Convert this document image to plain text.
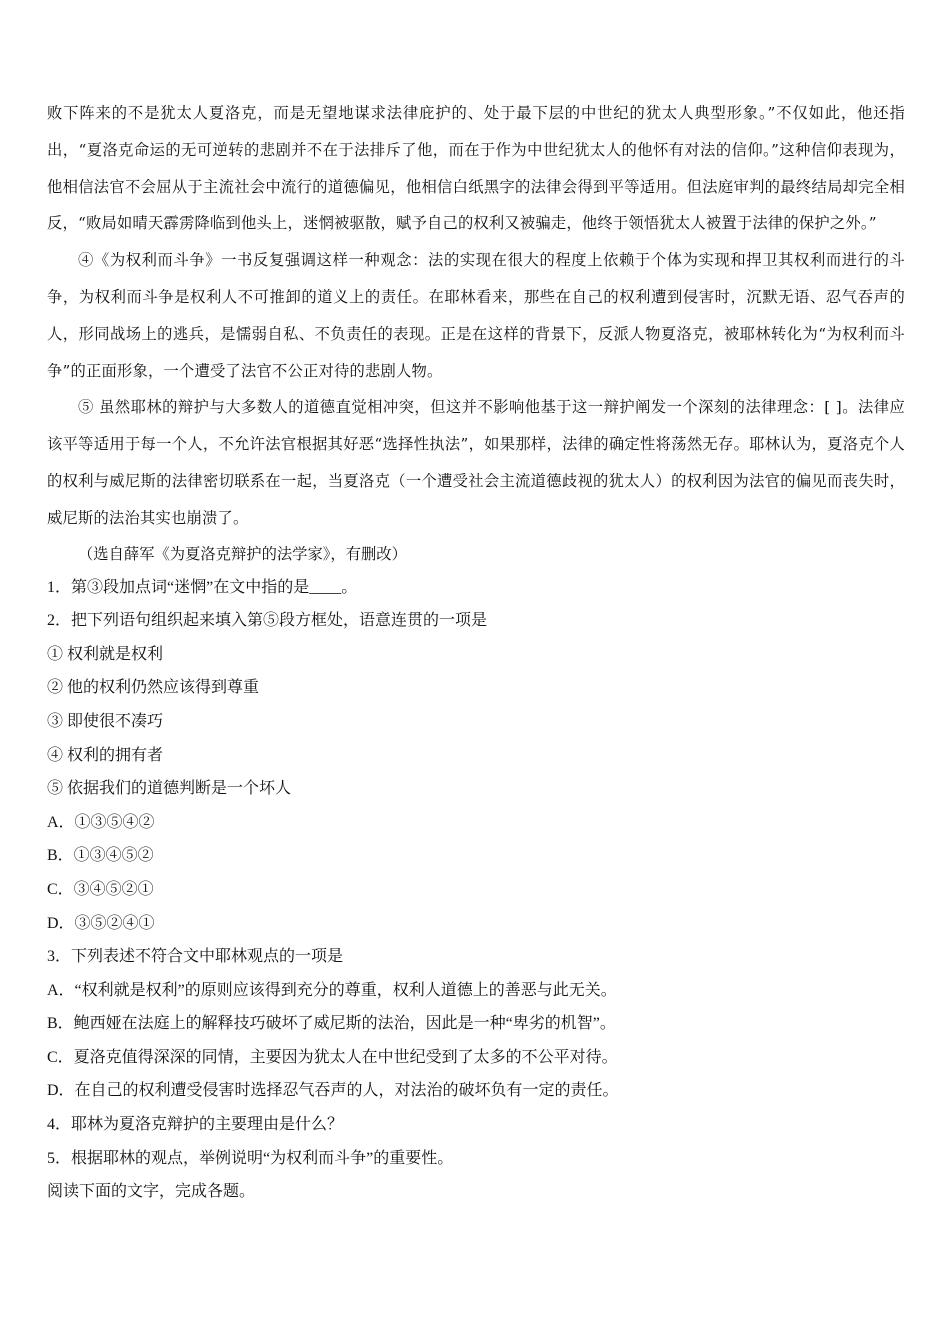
败下阵来的不是犹太人夏洛克，而是无望地谋求法律庇护的、处于最下层的中世纪的犹太人典型形象。”不仅如此，他还指出，“夏洛克命运的无可逆转的悲剧并不在于法排斥了他，而在于作为中世纪犹太人的他怀有对法的信仰。”这种信仰表现为，他相信法官不会屈从于主流社会中流行的道德偏见，他相信白纸黑字的法律会得到平等适用。但法庭审判的最终结局却完全相反，“败局如晴天霹雳降临到他头上，迷惘被驱散，赋予自己的权利又被骗走，他终于领悟犹太人被置于法律的保护之外。”

④《为权利而斗争》一书反复强调这样一种观念：法的实现在很大的程度上依赖于个体为实现和捍卫其权利而进行的斗争，为权利而斗争是权利人不可推卸的道义上的责任。在耶林看来，那些在自己的权利遭到侵害时，沉默无语、忍气吞声的人，形同战场上的逃兵，是懦弱自私、不负责任的表现。正是在这样的背景下，反派人物夏洛克，被耶林转化为“为权利而斗争”的正面形象，一个遭受了法官不公正对待的悲剧人物。

⑤ 虽然耶林的辩护与大多数人的道德直觉相冲突，但这并不影响他基于这一辩护阐发一个深刻的法律理念：[ ]。法律应该平等适用于每一个人，不允许法官根据其好恶“选择性执法”，如果那样，法律的确定性将荡然无存。耶林认为，夏洛克个人的权利与威尼斯的法律密切联系在一起，当夏洛克（一个遭受社会主流道德歧视的犹太人）的权利因为法官的偏见而丧失时，威尼斯的法治其实也崩溃了。

（选自薛军《为夏洛克辩护的法学家》，有删改）

1．第③段加点词“迷惘”在文中指的是____。

2．把下列语句组织起来填入第⑤段方框处，语意连贯的一项是

① 权利就是权利

② 他的权利仍然应该得到尊重

③ 即使很不凑巧

④ 权利的拥有者

⑤ 依据我们的道德判断是一个坏人

A．①③⑤④②

B．①③④⑤②

C．③④⑤②①

D．③⑤②④①

3．下列表述不符合文中耶林观点的一项是

A．“权利就是权利”的原则应该得到充分的尊重，权利人道德上的善恶与此无关。

B．鲍西娅在法庭上的解释技巧破坏了威尼斯的法治，因此是一种“卑劣的机智”。

C．夏洛克值得深深的同情，主要因为犹太人在中世纪受到了太多的不公平对待。

D．在自己的权利遭受侵害时选择忍气吞声的人，对法治的破坏负有一定的责任。

4．耶林为夏洛克辩护的主要理由是什么？

5．根据耶林的观点，举例说明“为权利而斗争”的重要性。

阅读下面的文字，完成各题。
